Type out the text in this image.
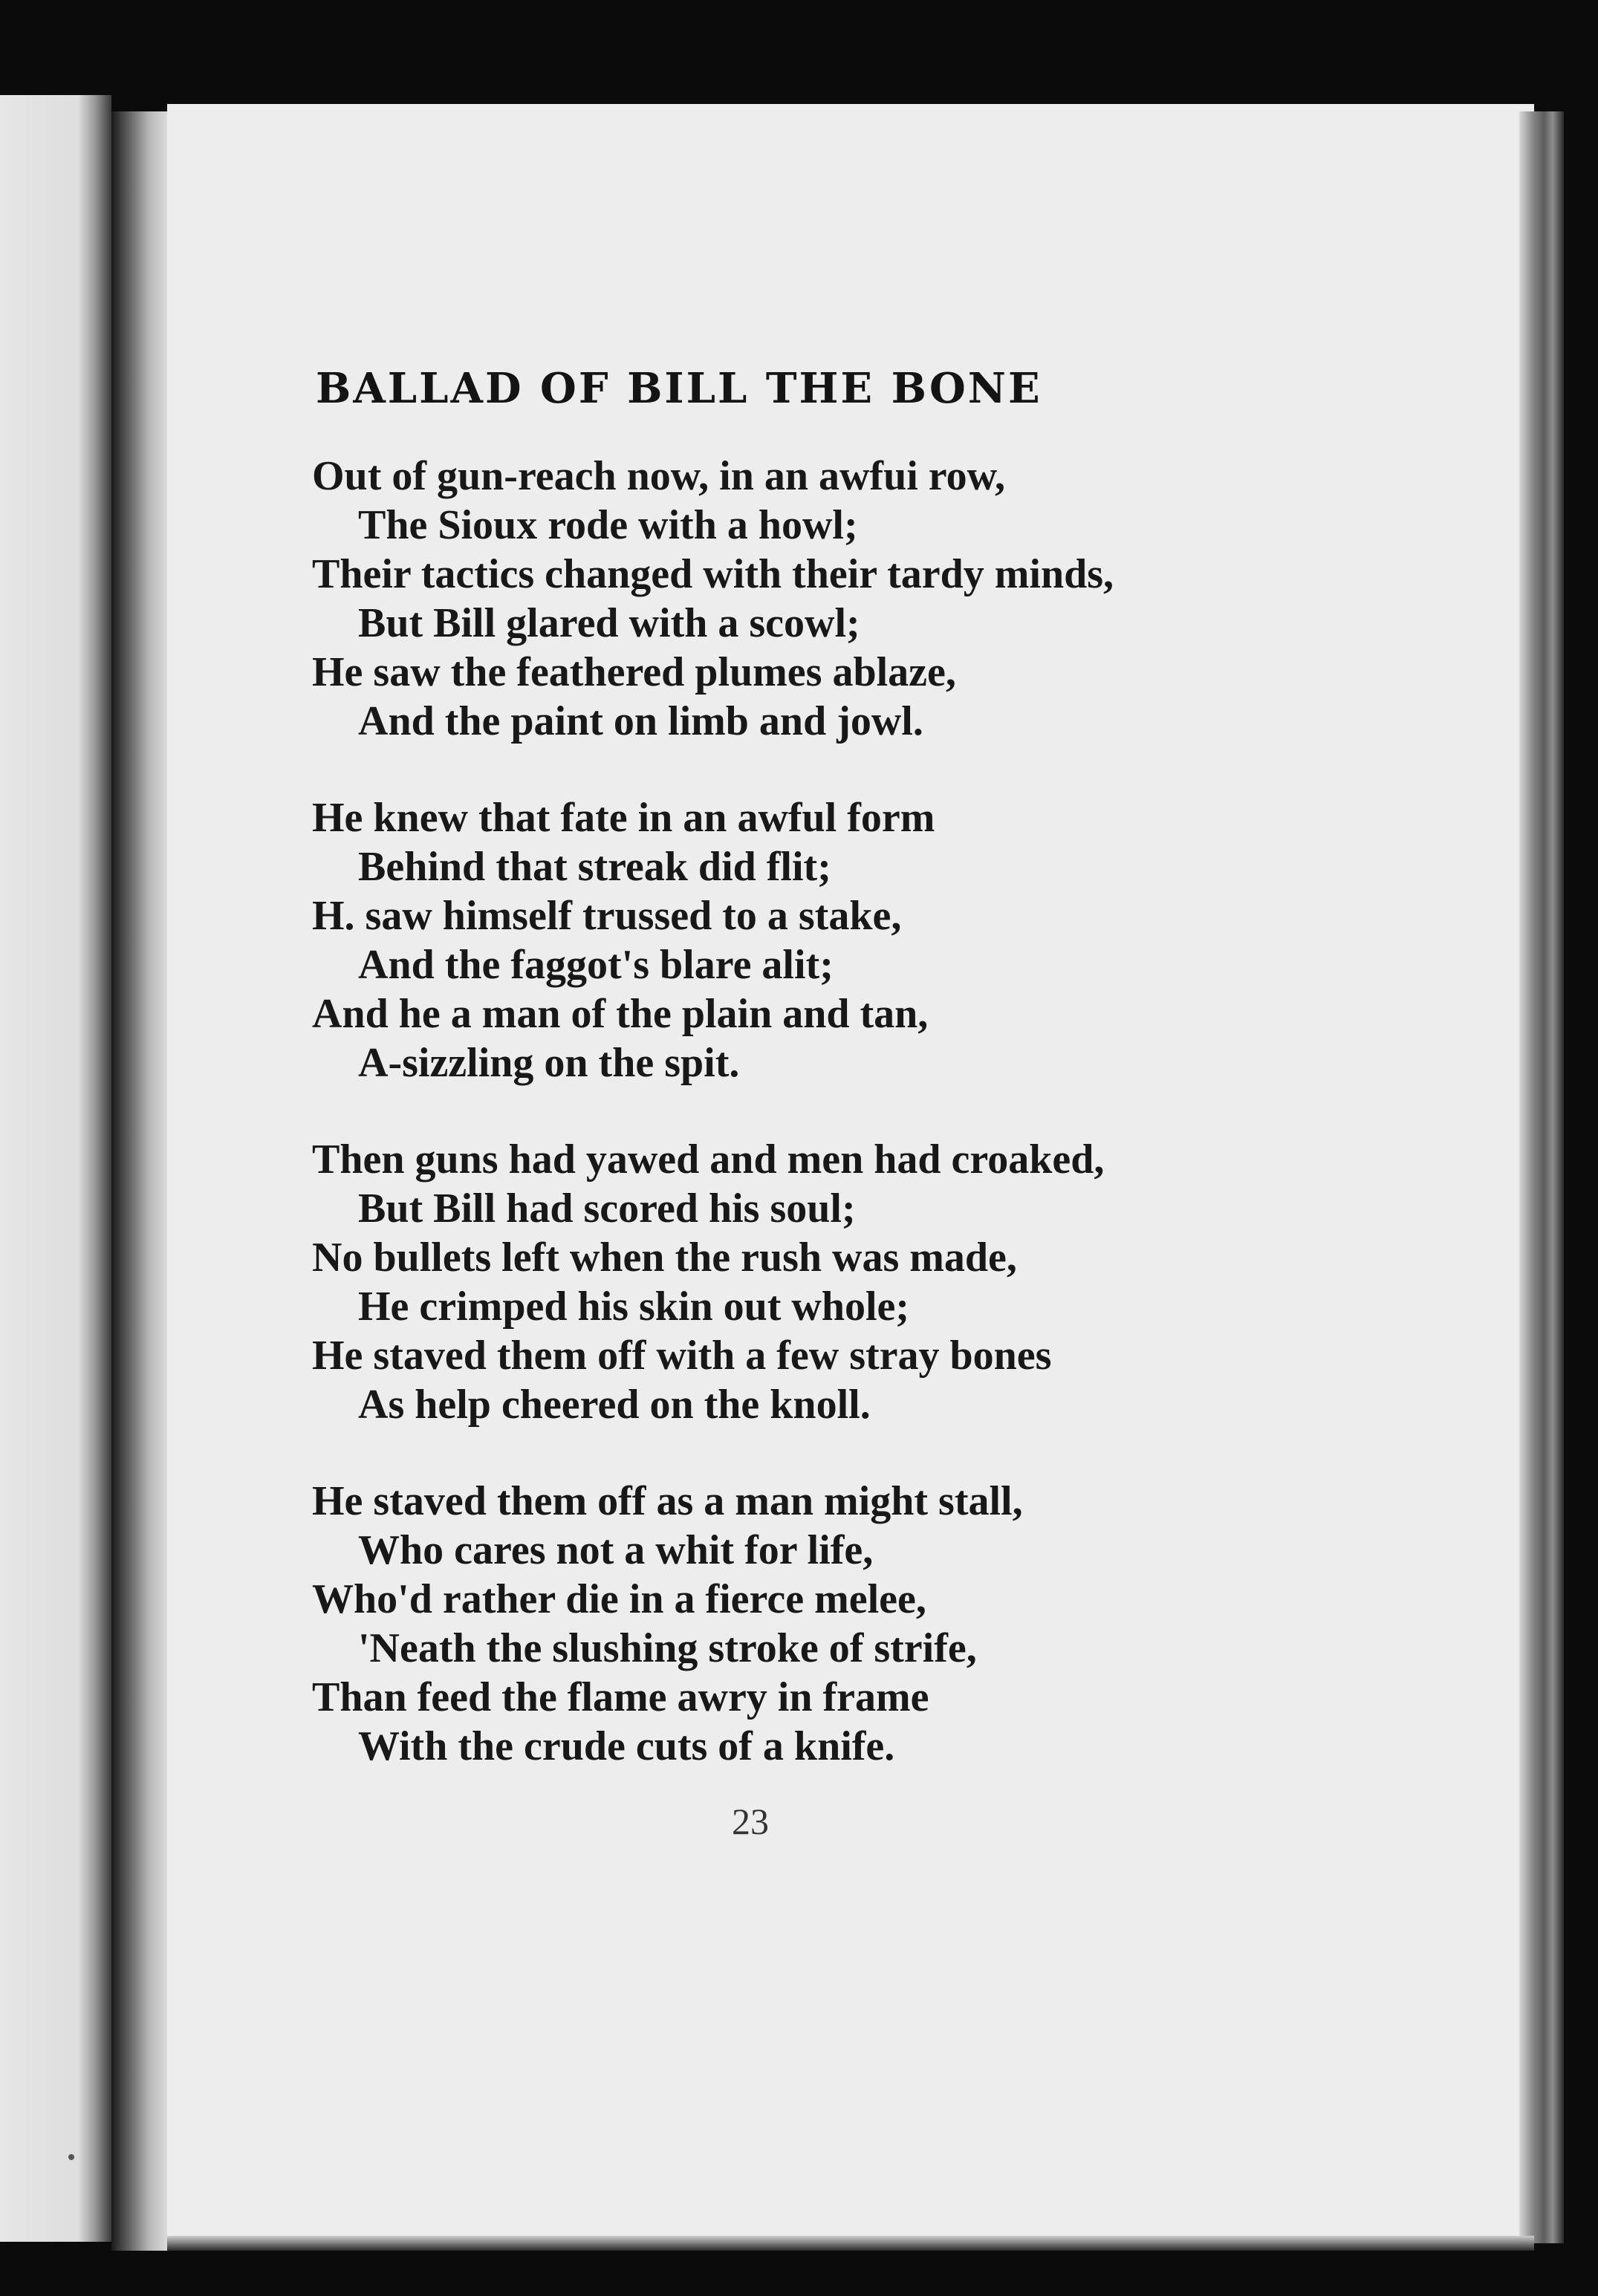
BALLAD OF BILL THE BONE
Out of gun-reach now, in an awfui row,
The Sioux rode with a howl;
Their tactics changed with their tardy minds,
But Bill glared with a scowl;
He saw the feathered plumes ablaze,
And the paint on limb and jowl.
He knew that fate in an awful form
Behind that streak did flit;
H. saw himself trussed to a stake,
And the faggot's blare alit;
And he a man of the plain and tan,
A-sizzling on the spit.
Then guns had yawed and men had croaked,
But Bill had scored his soul;
No bullets left when the rush was made,
He crimped his skin out whole;
He staved them off with a few stray bones
As help cheered on the knoll.
He staved them off as a man might stall,
Who cares not a whit for life,
Who'd rather die in a fierce melee,
'Neath the slushing stroke of strife,
Than feed the flame awry in frame
With the crude cuts of a knife.
23
